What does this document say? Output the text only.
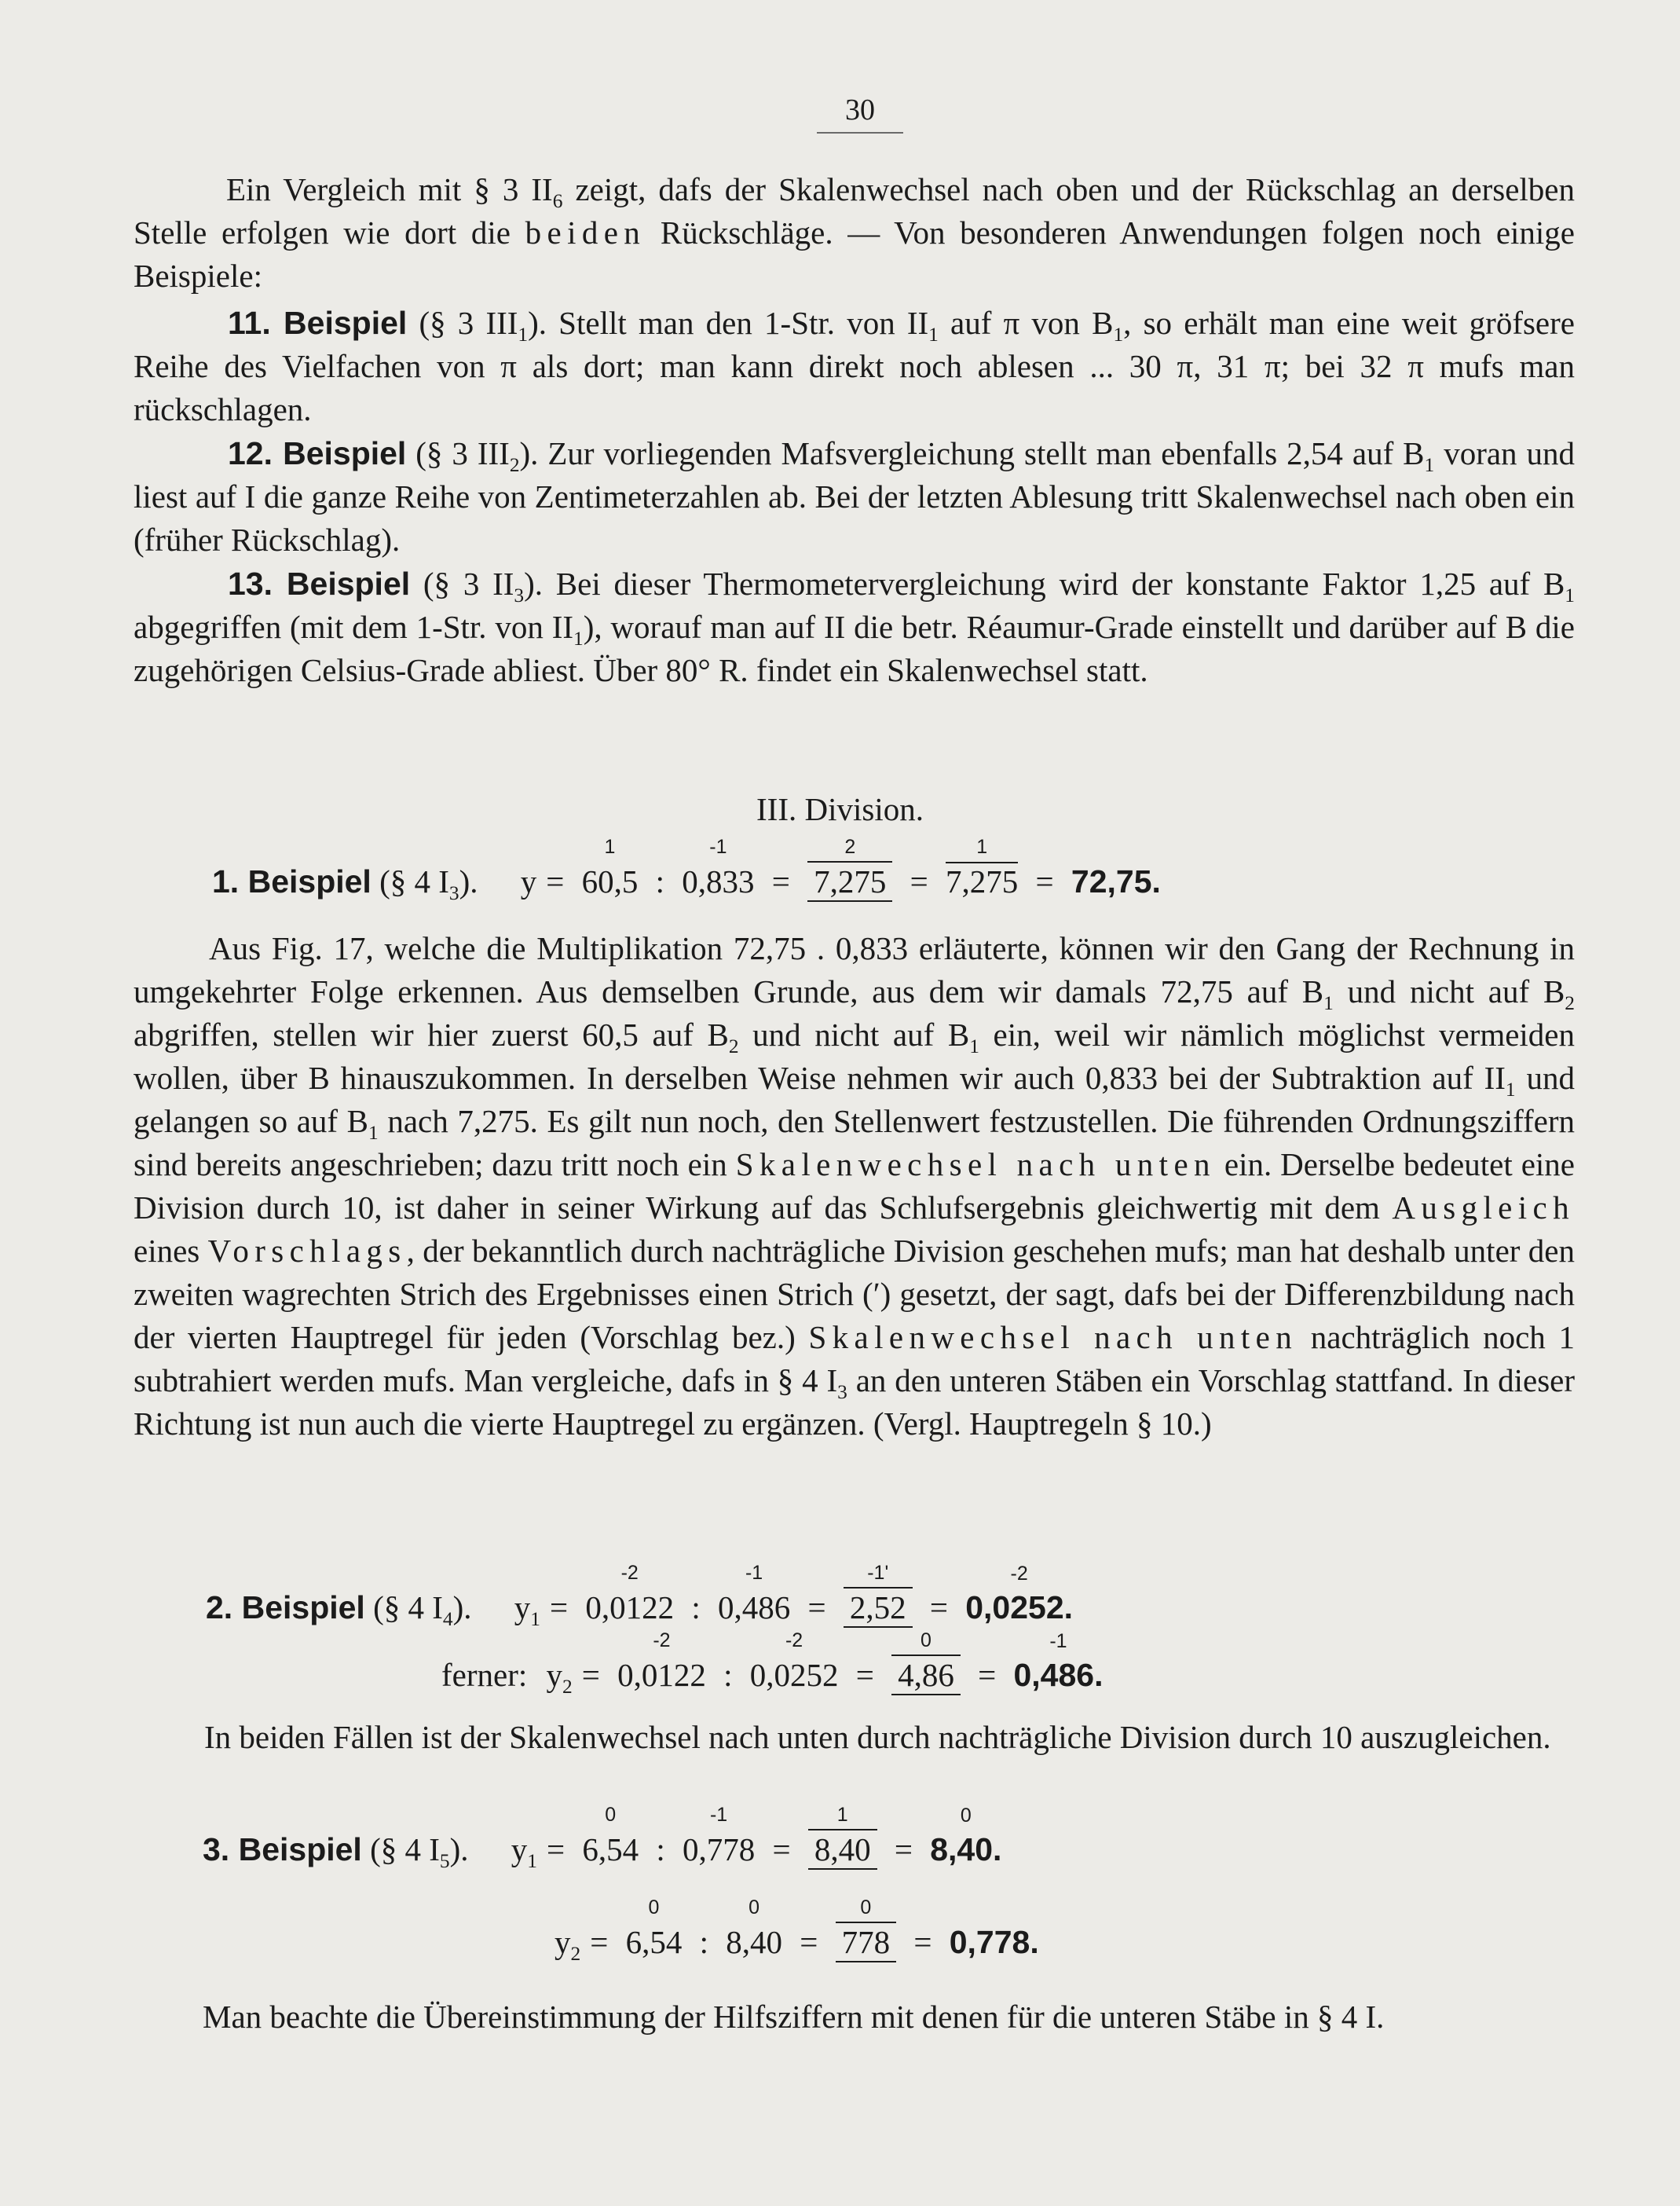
30

Ein Vergleich mit § 3 $II_6$ zeigt, dafs der Skalenwechsel nach oben und der Rückschlag an derselben Stelle erfolgen wie dort die beiden Rückschläge. — Von besonderen Anwendungen folgen noch einige Beispiele:

11. Beispiel (§ 3 $III_1$). Stellt man den 1-Str. von $II_1$ auf π von $B_1$, so erhält man eine weit gröfsere Reihe des Vielfachen von π als dort; man kann direkt noch ablesen ... 30 π, 31 π; bei 32 π mufs man rückschlagen.

12. Beispiel (§ 3 $III_2$). Zur vorliegenden Mafsvergleichung stellt man ebenfalls 2,54 auf $B_1$ voran und liest auf I die ganze Reihe von Zentimeterzahlen ab. Bei der letzten Ablesung tritt Skalenwechsel nach oben ein (früher Rückschlag).

13. Beispiel (§ 3 $II_3$). Bei dieser Thermometervergleichung wird der konstante Faktor 1,25 auf $B_1$ abgegriffen (mit dem 1-Str. von $II_1$), worauf man auf II die betr. Réaumur-Grade einstellt und darüber auf B die zugehörigen Celsius-Grade abliest. Über 80° R. findet ein Skalenwechsel statt.

III. Division.

1. Beispiel (§ 4 $I_3$). y =
1
60,5 :
-1
0,833 =
2
7,275 =
1
7,275 = 72,75.

Aus Fig. 17, welche die Multiplikation 72,75 . 0,833 erläuterte, können wir den Gang der Rechnung in umgekehrter Folge erkennen. Aus demselben Grunde, aus dem wir damals 72,75 auf $B_1$ und nicht auf $B_2$ abgriffen, stellen wir hier zuerst 60,5 auf $B_2$ und nicht auf $B_1$ ein, weil wir nämlich möglichst vermeiden wollen, über B hinauszukommen. In derselben Weise nehmen wir auch 0,833 bei der Subtraktion auf $II_1$ und gelangen so auf $B_1$ nach 7,275. Es gilt nun noch, den Stellenwert festzustellen. Die führenden Ordnungsziffern sind bereits angeschrieben; dazu tritt noch ein Skalenwechsel nach unten ein. Derselbe bedeutet eine Division durch 10, ist daher in seiner Wirkung auf das Schlufsergebnis gleichwertig mit dem Ausgleich eines Vorschlags, der bekanntlich durch nachträgliche Division geschehen mufs; man hat deshalb unter den zweiten wagrechten Strich des Ergebnisses einen Strich (ʹ) gesetzt, der sagt, dafs bei der Differenzbildung nach der vierten Hauptregel für jeden (Vorschlag bez.) Skalenwechsel nach unten nachträglich noch 1 subtrahiert werden mufs. Man vergleiche, dafs in § 4 $I_3$ an den unteren Stäben ein Vorschlag stattfand. In dieser Richtung ist nun auch die vierte Hauptregel zu ergänzen. (Vergl. Hauptregeln § 10.)

2. Beispiel (§ 4 $I_4$). $y_1$ =
-2
0,0122 :
-1
0,486 =
-1ʹ
2,52 =
-2
0,0252.
ferner: $y_2$ =
-2
0,0122 :
-2
0,0252 =
0
4,86 =
-1
0,486.

In beiden Fällen ist der Skalenwechsel nach unten durch nachträgliche Division durch 10 auszugleichen.

3. Beispiel (§ 4 $I_5$). $y_1$ =
0
6,54 :
-1
0,778 =
1
8,40 =
0
8,40.
$y_2$ =
0
6,54 :
0
8,40 =
0
778 = 0,778.

Man beachte die Übereinstimmung der Hilfsziffern mit denen für die unteren Stäbe in § 4 I.
